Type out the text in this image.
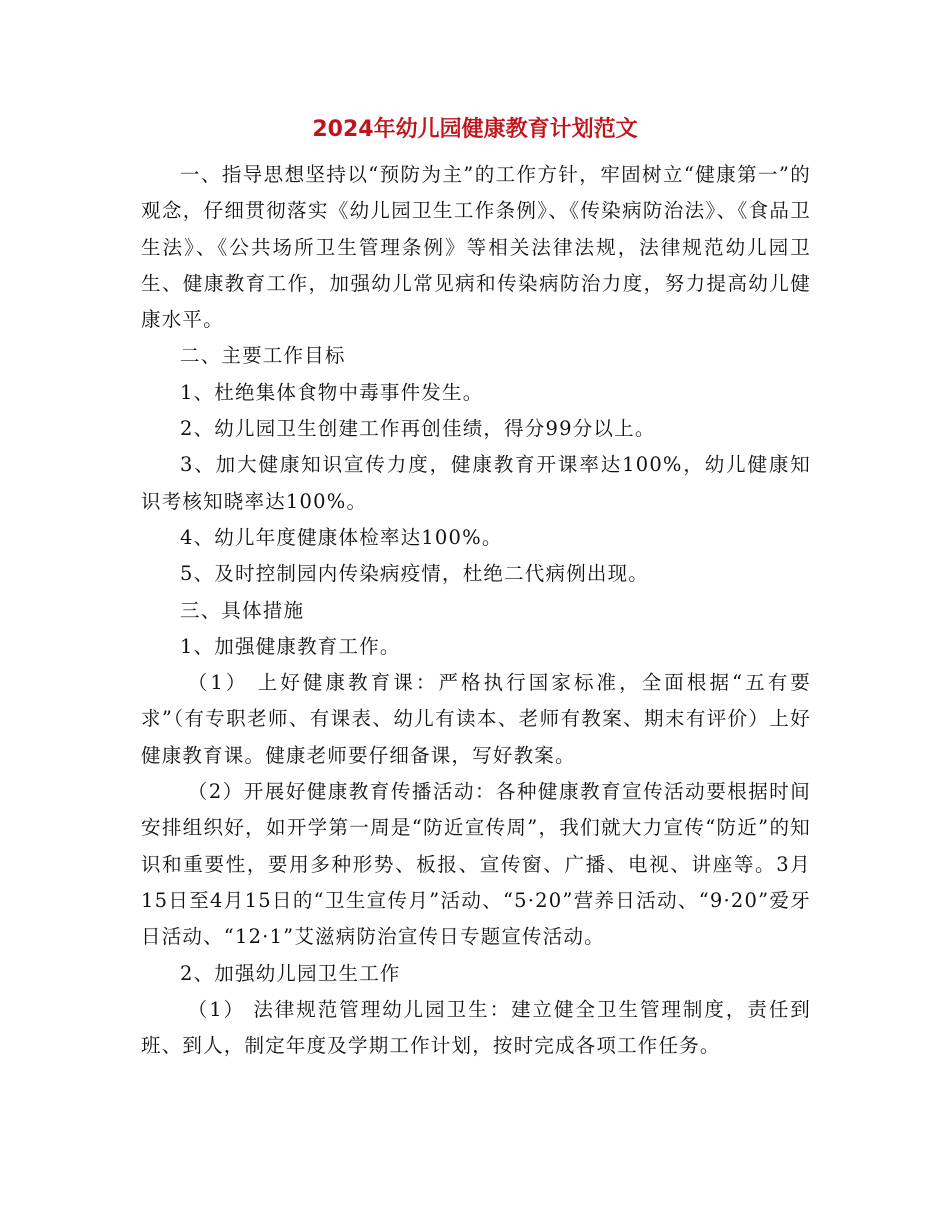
2024年幼儿园健康教育计划范文

一、指导思想坚持以“预防为主”的工作方针，牢固树立“健康第一”的观念，仔细贯彻落实《幼儿园卫生工作条例》、《传染病防治法》、《食品卫生法》、《公共场所卫生管理条例》等相关法律法规，法律规范幼儿园卫生、健康教育工作，加强幼儿常见病和传染病防治力度，努力提高幼儿健康水平。

二、主要工作目标

1、杜绝集体食物中毒事件发生。

2、幼儿园卫生创建工作再创佳绩，得分99分以上。

3、加大健康知识宣传力度，健康教育开课率达100%，幼儿健康知识考核知晓率达100%。

4、幼儿年度健康体检率达100%。

5、及时控制园内传染病疫情，杜绝二代病例出现。

三、具体措施

1、加强健康教育工作。

（1） 上好健康教育课：严格执行国家标准，全面根据“五有要求”（有专职老师、有课表、幼儿有读本、老师有教案、期末有评价）上好健康教育课。健康老师要仔细备课，写好教案。

（2）开展好健康教育传播活动：各种健康教育宣传活动要根据时间安排组织好，如开学第一周是“防近宣传周”，我们就大力宣传“防近”的知识和重要性，要用多种形势、板报、宣传窗、广播、电视、讲座等。3月15日至4月15日的“卫生宣传月”活动、“5·20”营养日活动、“9·20”爱牙日活动、“12·1”艾滋病防治宣传日专题宣传活动。

2、加强幼儿园卫生工作

（1） 法律规范管理幼儿园卫生：建立健全卫生管理制度，责任到班、到人，制定年度及学期工作计划，按时完成各项工作任务。
